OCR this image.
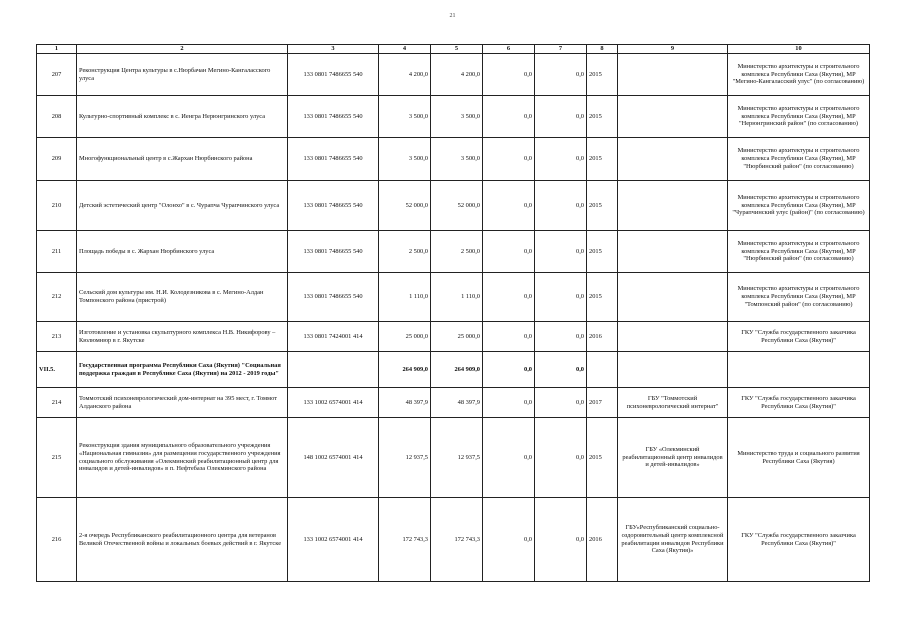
21
1	2	3	4	5	6	7	8	9	10
207	Реконструкция Центра культуры в с.Нюрбачан Мегино-Кангаласского улуса	133 0801 7486655 540	4 200,0	4 200,0	0,0	0,0	2015		Министерство архитектуры и строительного комплекса Республики Саха (Якутия), МР "Мегино-Кангаласский улус" (по согласованию)
208	Культурно-спортивный комплекс в с. Иенгра Нерюнгринского улуса	133 0801 7486655 540	3 500,0	3 500,0	0,0	0,0	2015		Министерство архитектуры и строительного комплекса Республики Саха (Якутия), МР "Нерюнгринский район" (по согласованию)
209	Многофункциональный центр в с.Жархан Нюрбинского района	133 0801 7486655 540	3 500,0	3 500,0	0,0	0,0	2015		Министерство архитектуры и строительного комплекса Республики Саха (Якутия), МР "Нюрбинский район" (по согласованию)
210	Детский эстетический центр "Олонхо" в с. Чурапча Чурапчинского улуса	133 0801 7486655 540	52 000,0	52 000,0	0,0	0,0	2015		Министерство архитектуры и строительного комплекса Республики Саха (Якутия), МР "Чурапчинский улус (район)" (по согласованию)
211	Площадь победы в с. Жархан Нюрбинского улуса	133 0801 7486655 540	2 500,0	2 500,0	0,0	0,0	2015		Министерство архитектуры и строительного комплекса Республики Саха (Якутия), МР "Нюрбинский район" (по согласованию)
212	Сельский дом культуры им. Н.И. Колодезникова в с. Мегино-Алдан Томпонского района (пристрой)	133 0801 7486655 540	1 110,0	1 110,0	0,0	0,0	2015		Министерство архитектуры и строительного комплекса Республики Саха (Якутия), МР "Томпонский район" (по согласованию)
213	Изготовление и установка скульптурного комплекса Н.В. Никифорову – Кюлюмнюр в г. Якутске	133 0801 7424001 414	25 000,0	25 000,0	0,0	0,0	2016		ГКУ "Служба государственного заказчика Республики Саха (Якутия)"
VII.5.	Государственная программа Республики Саха (Якутия) "Социальная поддержка граждан в Республике Саха (Якутия) на 2012 - 2019 годы"		264 909,0	264 909,0	0,0	0,0			
214	Томмотский психоневрологический дом-интернат на 395 мест, г. Томмот Алданского района	133 1002 6574001 414	48 397,9	48 397,9	0,0	0,0	2017	ГБУ "Томмотский психоневрологический интернат"	ГКУ "Служба государственного заказчика Республики Саха (Якутия)"
215	Реконструкция здания муниципального образовательного учреждения «Национальная гимназия» для размещения государственного учреждения социального обслуживания «Олекминский реабилитационный центр для инвалидов и детей-инвалидов» в п. Нефтебаза Олекминского района	148 1002 6574001 414	12 937,5	12 937,5	0,0	0,0	2015	ГБУ «Олекминский реабилитационный центр инвалидов и детей-инвалидов»	Министерство труда и социального развития Республики Саха (Якутия)
216	2-я очередь Республиканского реабилитационного центра для ветеранов Великой Отечественной войны и локальных боевых действий в г. Якутске	133 1002 6574001 414	172 743,3	172 743,3	0,0	0,0	2016	ГБУ«Республиканский социально-оздоровительный центр комплексной реабилитации инвалидов Республики Саха (Якутия)»	ГКУ "Служба государственного заказчика Республики Саха (Якутия)"
